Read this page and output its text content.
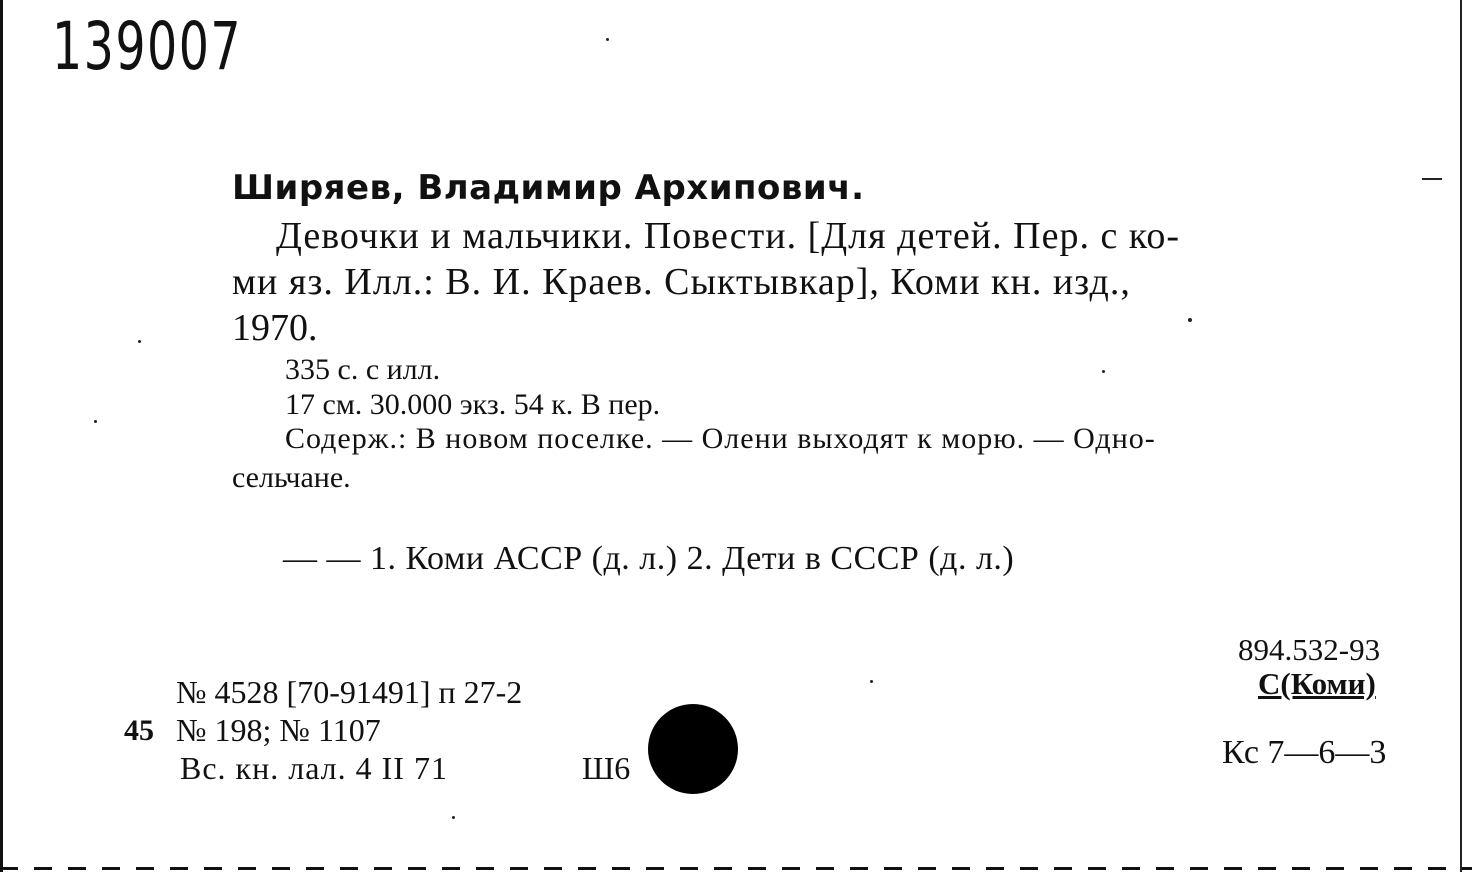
139007
Ширяев, Владимир Архипович.
Девочки и мальчики. Повести. [Для детей. Пер. с ко-
ми яз. Илл.: В. И. Краев. Сыктывкар], Коми кн. изд.,
1970.
335 с. с илл.
17 см. 30.000 экз. 54 к. В пер.
Содерж.: В новом поселке. — Олени выходят к морю. — Одно-
сельчане.
— — 1. Коми АССР (д. л.) 2. Дети в СССР (д. л.)
894.532-93
С(Коми)
Кс 7—6—3
№ 4528 [70-91491] п 27-2
45 № 198; № 1107
Вс. кн. лал. 4 II 71	Ш6
